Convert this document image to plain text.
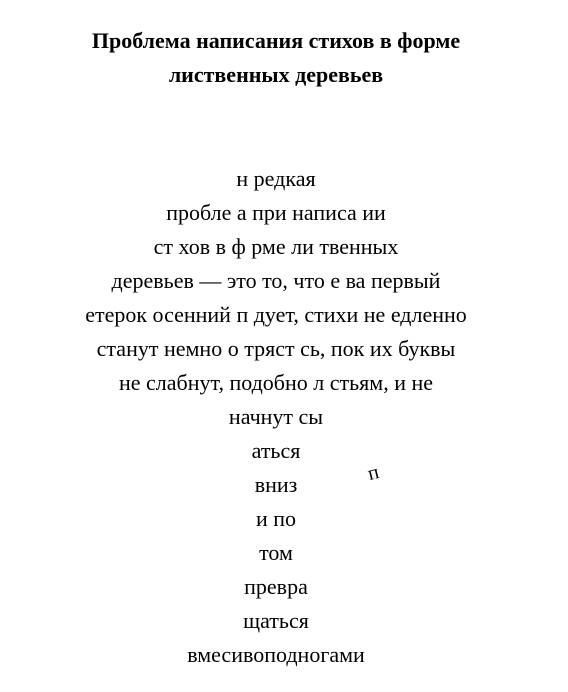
Проблема написания стихов в форме
лиственных деревьев
н редкая
пробле а при написа ии
ст хов в ф рме ли твенных
деревьев — это то, что е ва первый
етерок осенний п дует, стихи не едленно
станут немно о тряст сь, пок их буквы
не слабнут, подобно л стьям, и не
начнут сы
аться
вниз
и по
том
превра
щаться
вмесивоподногами
п
